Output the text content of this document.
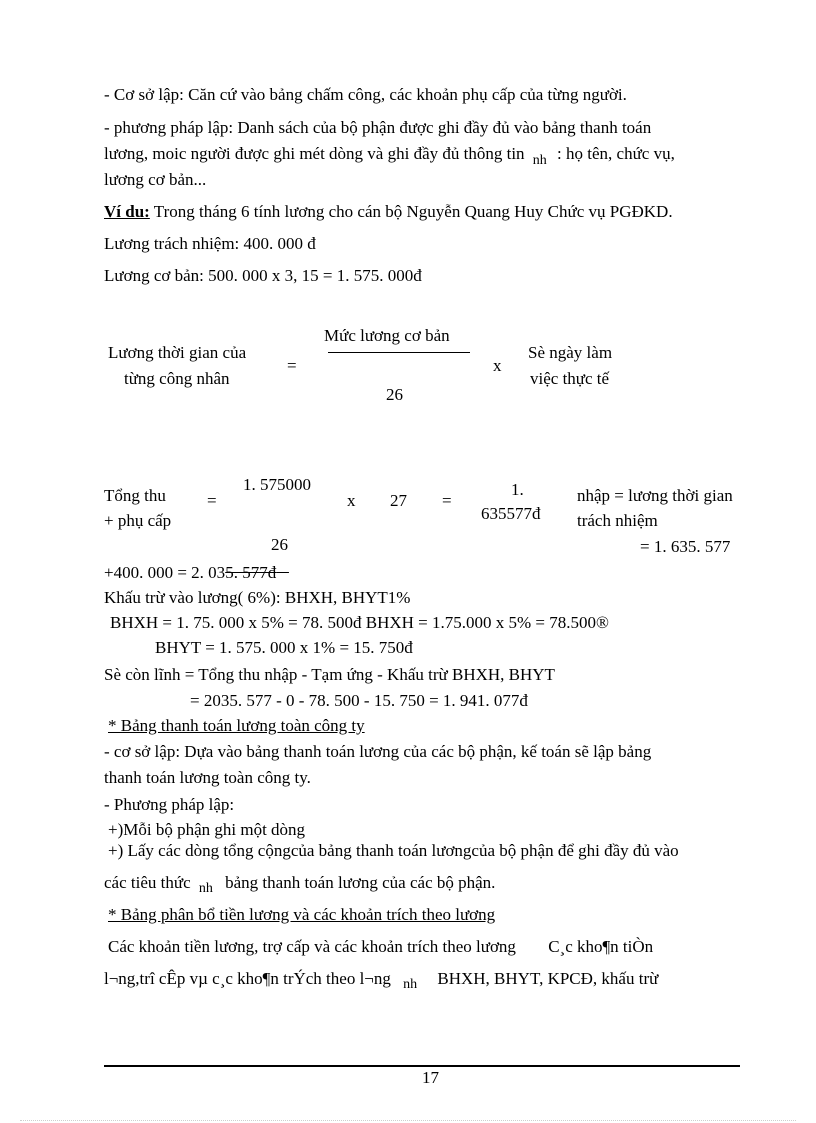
- Cơ sở lập: Căn cứ vào bảng chấm công, các khoản phụ cấp của từng người.
- phương pháp lập: Danh sách của bộ phận được ghi đầy đủ vào bảng thanh toán
lương, moic người được ghi mét dòng và ghi đầy đủ thông tin $_{nh}$ : họ tên, chức vụ,
lương cơ bản...
Ví du: Trong tháng 6 tính lương cho cán bộ Nguyễn Quang Huy Chức vụ PGĐKD.
Lương trách nhiệm: 400. 000 đ
Lương cơ bản: 500. 000 x 3, 15 = 1. 575. 000đ
Lương thời gian của
từng công nhân
=
Mức lương cơ bản
26
x
Sè ngày làm
việc thực tế
Tổng thu
+ phụ cấp
=
1. 575000
26
x 27 =
1.
635577đ
nhập = lương thời gian
trách nhiệm
= 1. 635. 577
+400. 000 = 2. 035. 577đ
Khấu trừ vào lương( 6%): BHXH, BHYT1%
BHXH = 1. 75. 000 x 5% = 78. 500đ BHXH = 1.75.000 x 5% = 78.500®
BHYT = 1. 575. 000 x 1% = 15. 750đ
Sè còn lĩnh = Tổng thu nhập - Tạm ứng - Khấu trừ BHXH, BHYT
= 2035. 577 - 0 - 78. 500 - 15. 750 = 1. 941. 077đ
* Bảng thanh toán lương toàn công ty
- cơ sở lập: Dựa vào bảng thanh toán lương của các bộ phận, kế toán sẽ lập bảng
thanh toán lương toàn công ty.
- Phương pháp lập:
+)Mỗi bộ phận ghi một dòng
+) Lấy các dòng tổng cộngcủa bảng thanh toán lươngcủa bộ phận để ghi đầy đủ vào
các tiêu thức $_{nh}$ bảng thanh toán lương của các bộ phận.
* Bảng phân bổ tiền lương và các khoản trích theo lương
Các khoản tiền lương, trợ cấp và các khoản trích theo lương C¸c kho¶n tiÒn
l¬ng,trî cÊp vµ c¸c kho¶n trÝch theo l¬ng $_{nh}$ BHXH, BHYT, KPCĐ, khấu trừ
17
